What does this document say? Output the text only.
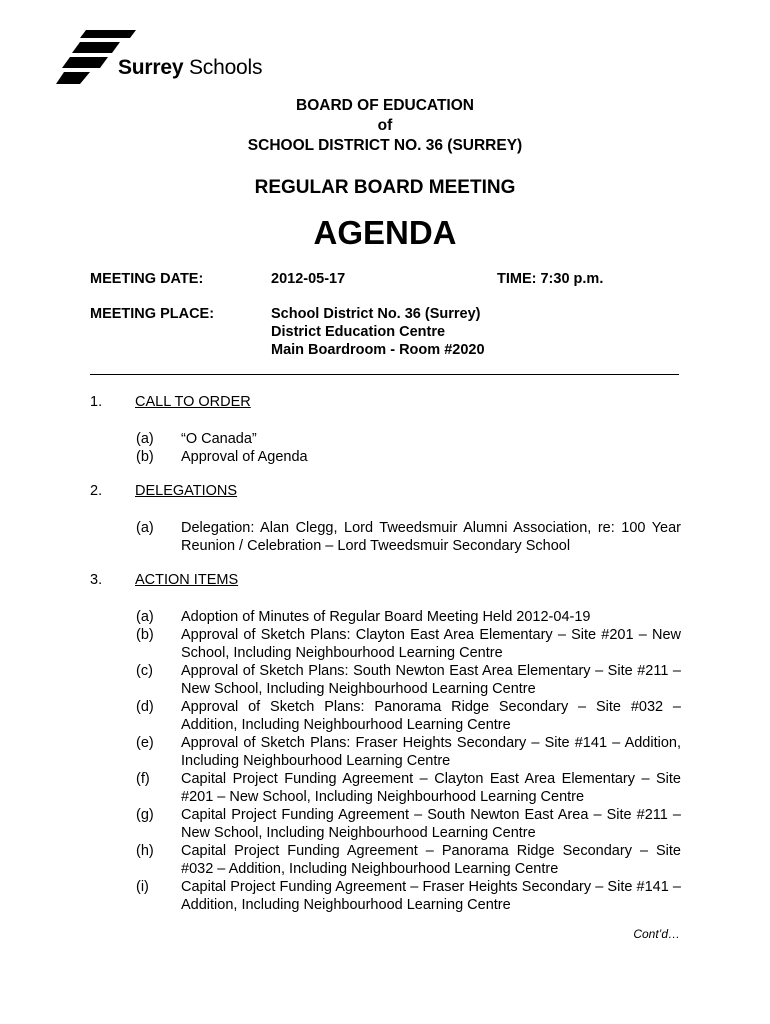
Surrey Schools
BOARD OF EDUCATION
of
SCHOOL DISTRICT NO. 36 (SURREY)
REGULAR BOARD MEETING
AGENDA
MEETING DATE:	2012-05-17	TIME: 7:30 p.m.
MEETING PLACE:	School District No. 36 (Surrey)
District Education Centre
Main Boardroom - Room #2020
1. CALL TO ORDER
(a) “O Canada”
(b) Approval of Agenda
2. DELEGATIONS
(a) Delegation: Alan Clegg, Lord Tweedsmuir Alumni Association, re: 100 Year Reunion / Celebration – Lord Tweedsmuir Secondary School
3. ACTION ITEMS
(a) Adoption of Minutes of Regular Board Meeting Held 2012-04-19
(b) Approval of Sketch Plans: Clayton East Area Elementary – Site #201 – New School, Including Neighbourhood Learning Centre
(c) Approval of Sketch Plans: South Newton East Area Elementary – Site #211 – New School, Including Neighbourhood Learning Centre
(d) Approval of Sketch Plans: Panorama Ridge Secondary – Site #032 – Addition, Including Neighbourhood Learning Centre
(e) Approval of Sketch Plans: Fraser Heights Secondary – Site #141 – Addition, Including Neighbourhood Learning Centre
(f) Capital Project Funding Agreement – Clayton East Area Elementary – Site #201 – New School, Including Neighbourhood Learning Centre
(g) Capital Project Funding Agreement – South Newton East Area – Site #211 – New School, Including Neighbourhood Learning Centre
(h) Capital Project Funding Agreement – Panorama Ridge Secondary – Site #032 – Addition, Including Neighbourhood Learning Centre
(i) Capital Project Funding Agreement – Fraser Heights Secondary – Site #141 – Addition, Including Neighbourhood Learning Centre
Cont’d…
